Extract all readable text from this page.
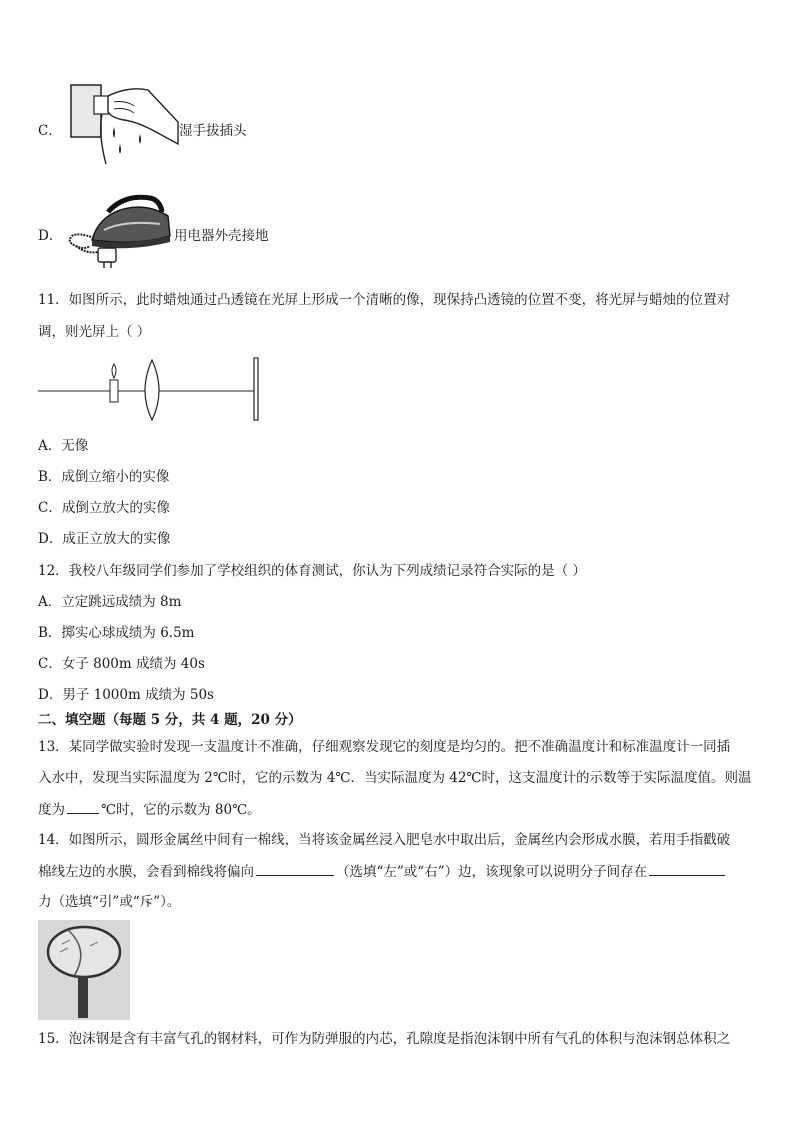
C．	湿手拔插头
D．	用电器外壳接地
11．如图所示，此时蜡烛通过凸透镜在光屏上形成一个清晰的像，现保持凸透镜的位置不变，将光屏与蜡烛的位置对
调，则光屏上（ ）
A．无像
B．成倒立缩小的实像
C．成倒立放大的实像
D．成正立放大的实像
12．我校八年级同学们参加了学校组织的体育测试，你认为下列成绩记录符合实际的是（ ）
A．立定跳远成绩为 8m
B．掷实心球成绩为 6.5m
C．女子 800m 成绩为 40s
D．男子 1000m 成绩为 50s
二、填空题（每题 5 分，共 4 题，20 分）
13．某同学做实验时发现一支温度计不准确，仔细观察发现它的刻度是均匀的。把不准确温度计和标准温度计一同插
入水中，发现当实际温度为 2℃时，它的示数为 4℃．当实际温度为 42℃时，这支温度计的示数等于实际温度值。则温
度为	℃时，它的示数为 80℃。
14．如图所示，圆形金属丝中间有一棉线，当将该金属丝浸入肥皂水中取出后，金属丝内会形成水膜，若用手指戳破
棉线左边的水膜，会看到棉线将偏向	（选填“左”或“右”）边，该现象可以说明分子间存在
力（选填“引”或“斥”）。
15．泡沫钢是含有丰富气孔的钢材料，可作为防弹服的内芯，孔隙度是指泡沫钢中所有气孔的体积与泡沫钢总体积之
